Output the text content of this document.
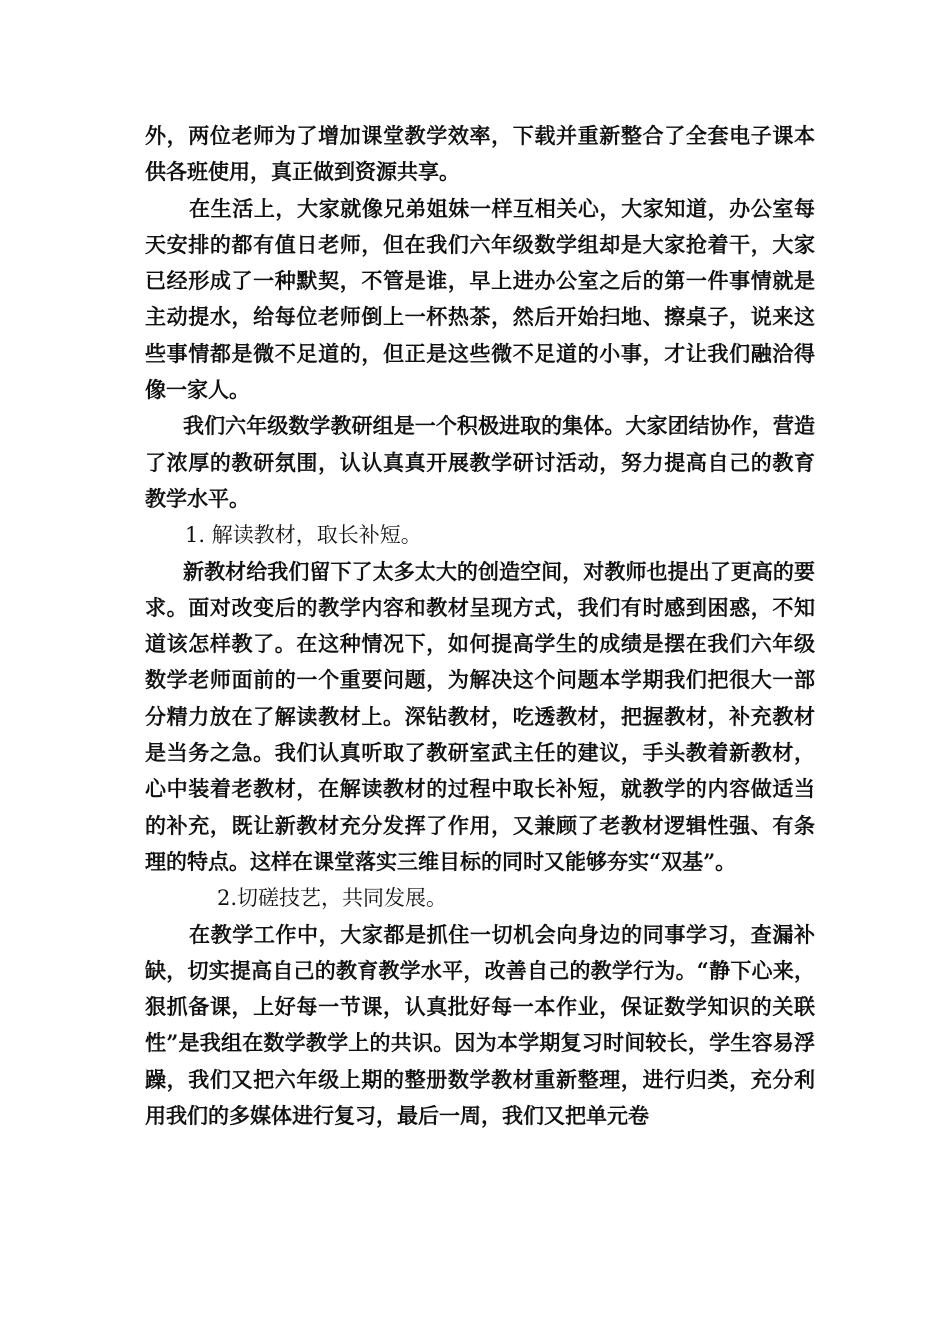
外，两位老师为了增加课堂教学效率，下载并重新整合了全套电子课本供各班使用，真正做到资源共享。

在生活上，大家就像兄弟姐妹一样互相关心，大家知道，办公室每天安排的都有值日老师，但在我们六年级数学组却是大家抢着干，大家已经形成了一种默契，不管是谁，早上进办公室之后的第一件事情就是主动提水，给每位老师倒上一杯热茶，然后开始扫地、擦桌子，说来这些事情都是微不足道的，但正是这些微不足道的小事，才让我们融洽得像一家人。

我们六年级数学教研组是一个积极进取的集体。大家团结协作，营造了浓厚的教研氛围，认认真真开展教学研讨活动，努力提高自己的教育教学水平。

1. 解读教材，取长补短。

新教材给我们留下了太多太大的创造空间，对教师也提出了更高的要求。面对改变后的教学内容和教材呈现方式，我们有时感到困惑，不知道该怎样教了。在这种情况下，如何提高学生的成绩是摆在我们六年级数学老师面前的一个重要问题，为解决这个问题本学期我们把很大一部分精力放在了解读教材上。深钻教材，吃透教材，把握教材，补充教材是当务之急。我们认真听取了教研室武主任的建议，手头教着新教材，心中装着老教材，在解读教材的过程中取长补短，就教学的内容做适当的补充，既让新教材充分发挥了作用，又兼顾了老教材逻辑性强、有条理的特点。这样在课堂落实三维目标的同时又能够夯实“双基”。

2.切磋技艺，共同发展。

在教学工作中，大家都是抓住一切机会向身边的同事学习，查漏补缺，切实提高自己的教育教学水平，改善自己的教学行为。“静下心来，狠抓备课，上好每一节课，认真批好每一本作业，保证数学知识的关联性”是我组在数学教学上的共识。因为本学期复习时间较长，学生容易浮躁，我们又把六年级上期的整册数学教材重新整理，进行归类，充分利用我们的多媒体进行复习，最后一周，我们又把单元卷
